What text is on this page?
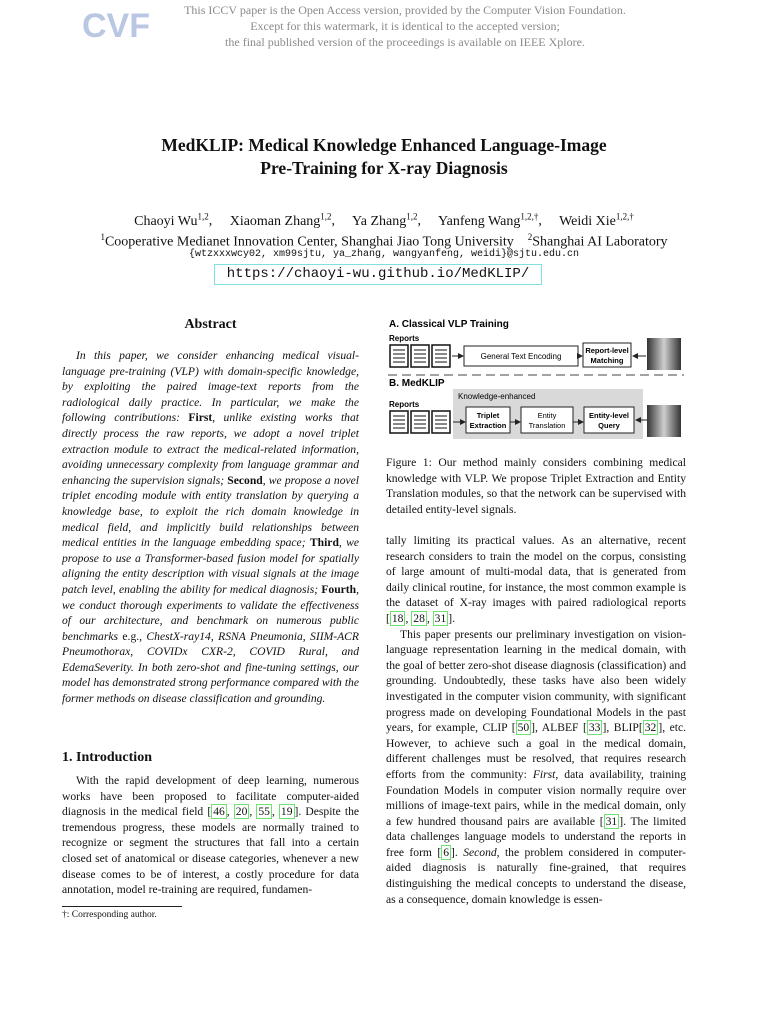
CVF	This ICCV paper is the Open Access version, provided by the Computer Vision Foundation.
Except for this watermark, it is identical to the accepted version;
the final published version of the proceedings is available on IEEE Xplore.
MedKLIP: Medical Knowledge Enhanced Language-Image
Pre-Training for X-ray Diagnosis
Chaoyi Wu$^{1,2}$,     Xiaoman Zhang$^{1,2}$,     Ya Zhang$^{1,2}$,     Yanfeng Wang$^{1,2,\dagger}$,     Weidi Xie$^{1,2,\dagger}$
$^1$Cooperative Medianet Innovation Center, Shanghai Jiao Tong University $^2$Shanghai AI Laboratory
{wtzxxxwcy02, xm99sjtu, ya_zhang, wangyanfeng, weidi}@sjtu.edu.cn
https://chaoyi-wu.github.io/MedKLIP/
Abstract

In this paper, we consider enhancing medical visual-language pre-training (VLP) with domain-specific knowledge, by exploiting the paired image-text reports from the radiological daily practice. In particular, we make the following contributions: First, unlike existing works that directly process the raw reports, we adopt a novel triplet extraction module to extract the medical-related information, avoiding unnecessary complexity from language grammar and enhancing the supervision signals; Second, we propose a novel triplet encoding module with entity translation by querying a knowledge base, to exploit the rich domain knowledge in medical field, and implicitly build relationships between medical entities in the language embedding space; Third, we propose to use a Transformer-based fusion model for spatially aligning the entity description with visual signals at the image patch level, enabling the ability for medical diagnosis; Fourth, we conduct thorough experiments to validate the effectiveness of our architecture, and benchmark on numerous public benchmarks e.g., ChestX-ray14, RSNA Pneumonia, SIIM-ACR Pneumothorax, COVIDx CXR-2, COVID Rural, and EdemaSeverity. In both zero-shot and fine-tuning settings, our model has demonstrated strong performance compared with the former methods on disease classification and grounding.

1. Introduction

With the rapid development of deep learning, numerous works have been proposed to facilitate computer-aided diagnosis in the medical field [ 46 , 20 , 55 , 19 ]. Despite the tremendous progress, these models are normally trained to recognize or segment the structures that fall into a certain closed set of anatomical or disease categories, whenever a new disease comes to be of interest, a costly procedure for data annotation, model re-training are required, fundamen-

†: Corresponding author.
A. Classical VLP Training
Reports
General Text Encoding
Report-level
Matching
B. MedKLIP
Reports
Knowledge-enhanced
Triplet
Extraction
Entity
Translation
Entity-level
Query
Figure 1: Our method mainly considers combining medical knowledge with VLP. We propose Triplet Extraction and Entity Translation modules, so that the network can be supervised with detailed entity-level signals.

tally limiting its practical values. As an alternative, recent research considers to train the model on the corpus, consisting of large amount of multi-modal data, that is generated from daily clinical routine, for instance, the most common example is the dataset of X-ray images with paired radiological reports [ 18 , 28 , 31 ].

This paper presents our preliminary investigation on vision-language representation learning in the medical domain, with the goal of better zero-shot disease diagnosis (classification) and grounding. Undoubtedly, these tasks have also been widely investigated in the computer vision community, with significant progress made on developing Foundational Models in the past years, for example, CLIP [ 50 ], ALBEF [ 33 ], BLIP[ 32 ], etc. However, to achieve such a goal in the medical domain, different challenges must be resolved, that requires research efforts from the community: First, data availability, training Foundation Models in computer vision normally require over millions of image-text pairs, while in the medical domain, only a few hundred thousand pairs are available [ 31 ]. The limited data challenges language models to understand the reports in free form [ 6 ]. Second, the problem considered in computer-aided diagnosis is naturally fine-grained, that requires distinguishing the medical concepts to understand the disease, as a consequence, domain knowledge is essen-
